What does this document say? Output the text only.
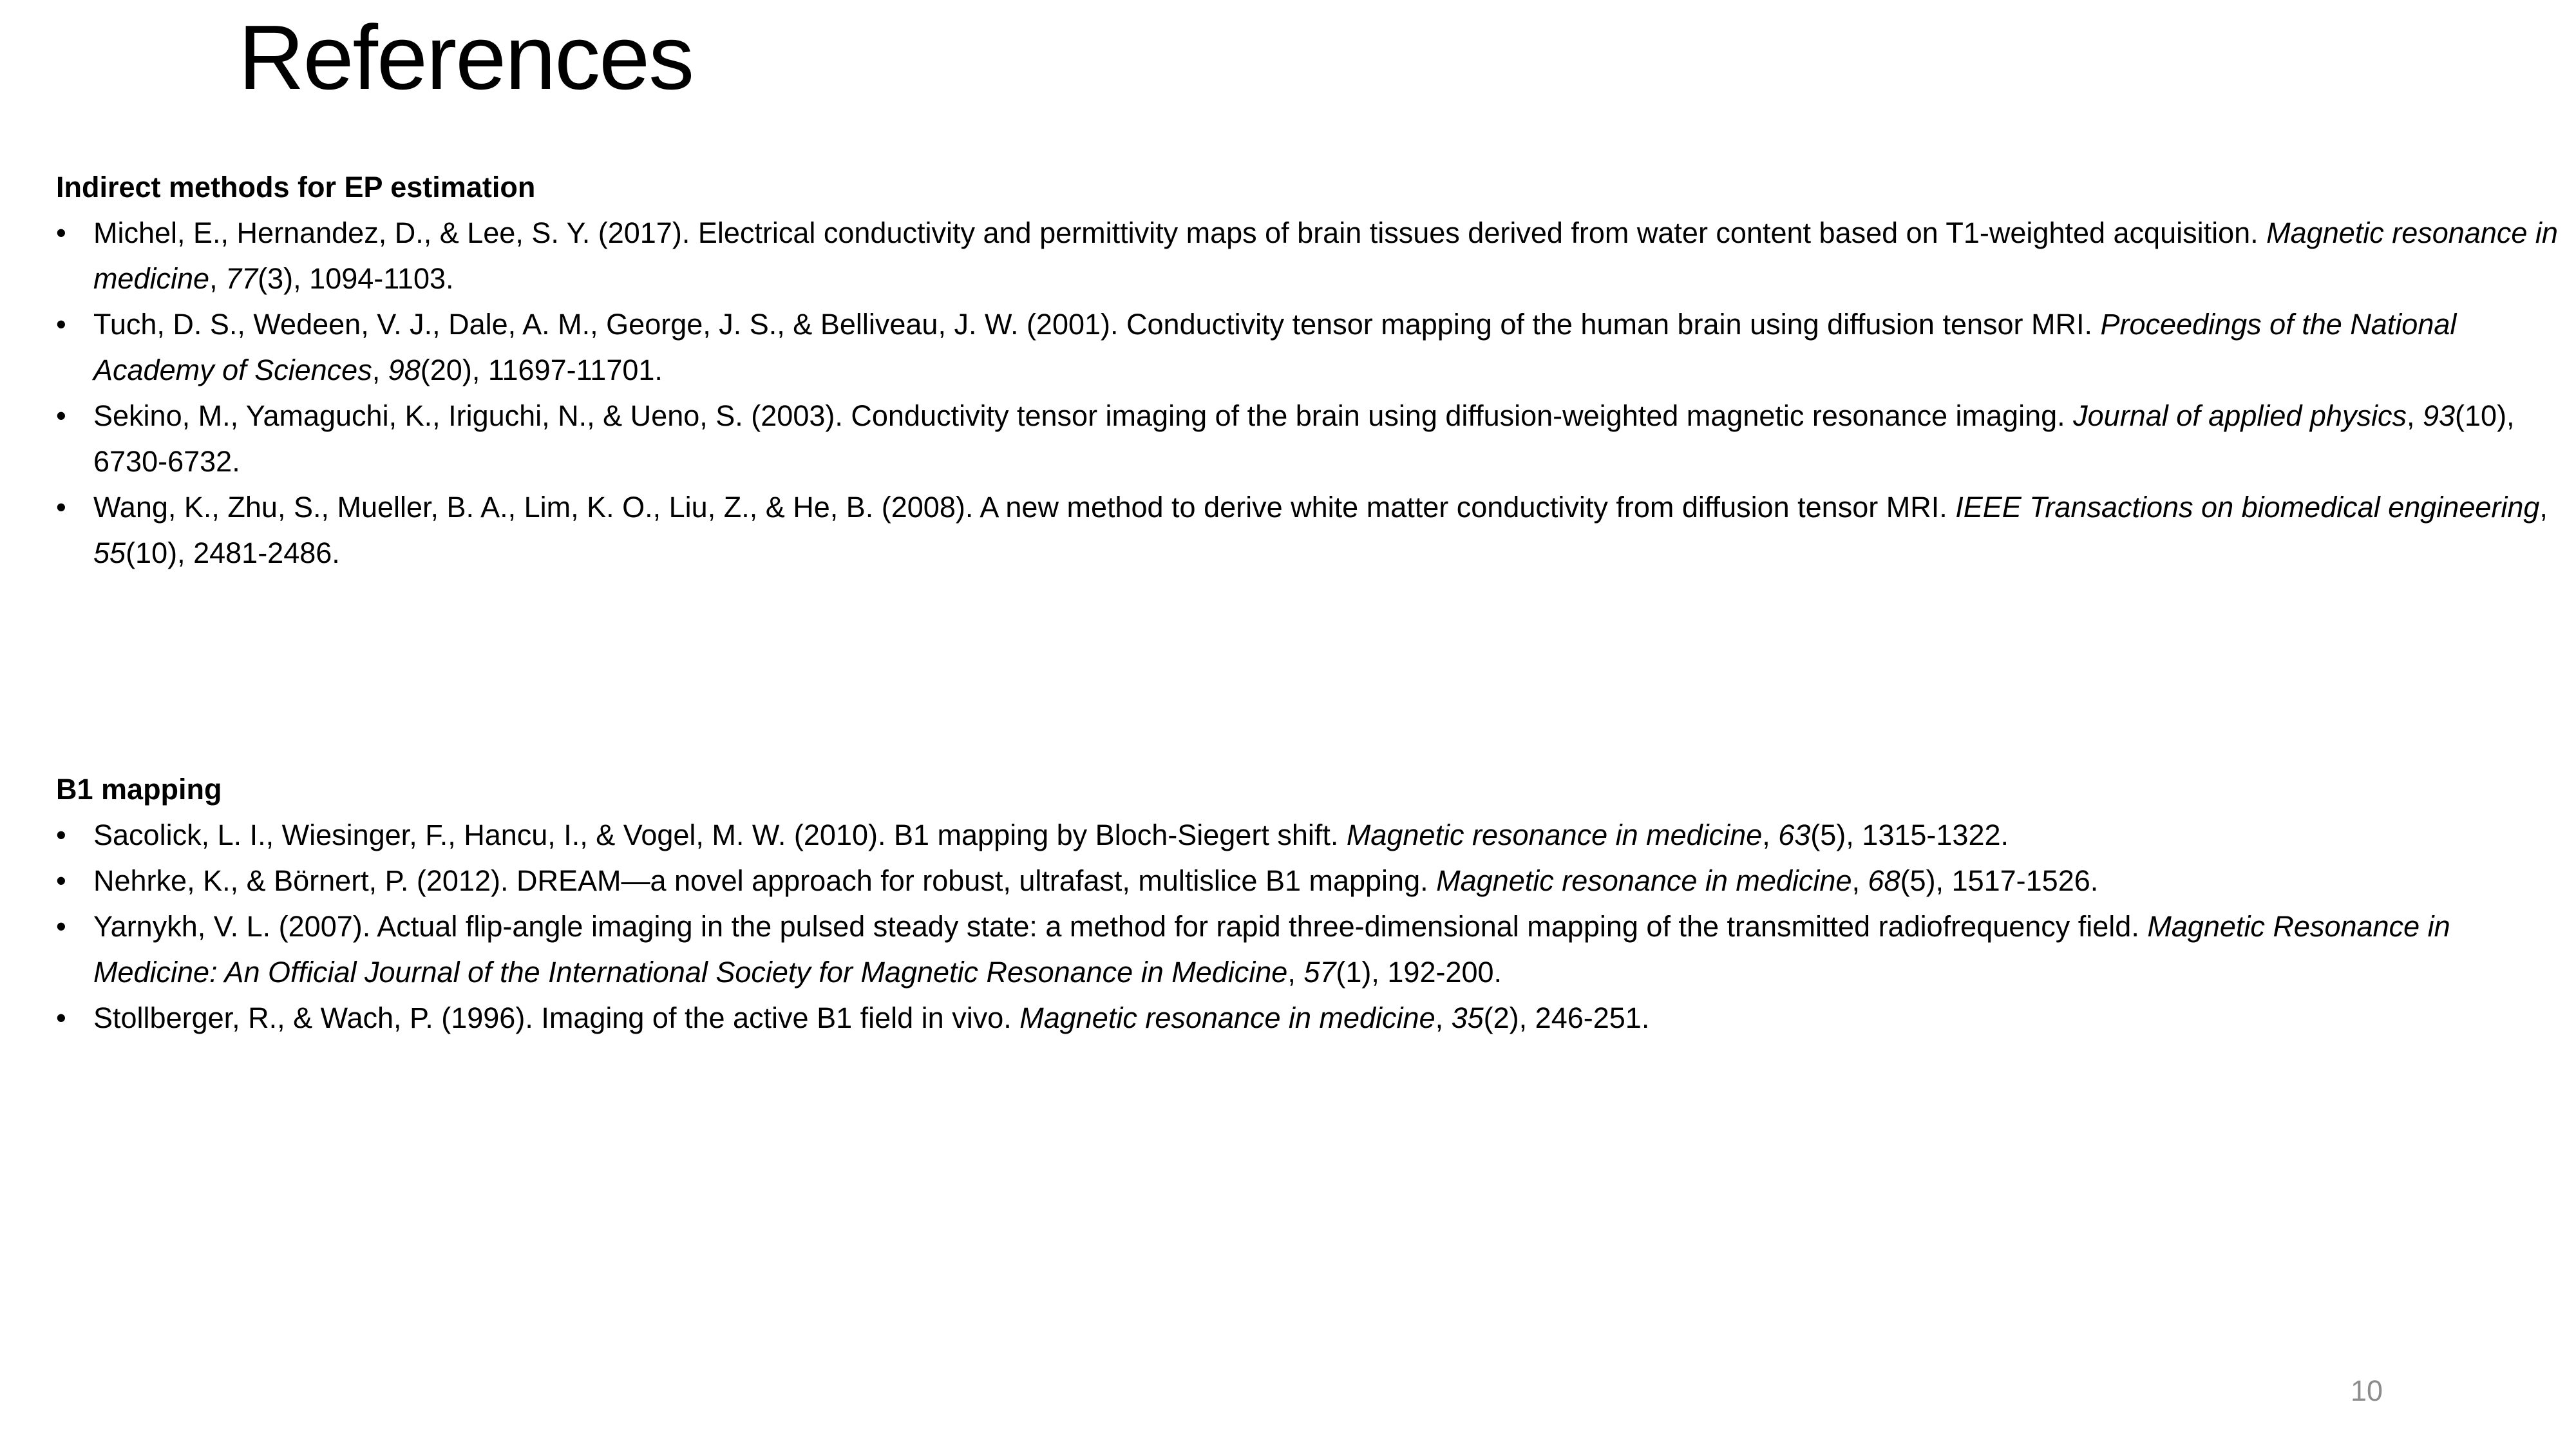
References
Indirect methods for EP estimation
• Michel, E., Hernandez, D., & Lee, S. Y. (2017). Electrical conductivity and permittivity maps of brain tissues derived from water content based on T1-weighted acquisition. Magnetic resonance in medicine, 77(3), 1094-1103.
• Tuch, D. S., Wedeen, V. J., Dale, A. M., George, J. S., & Belliveau, J. W. (2001). Conductivity tensor mapping of the human brain using diffusion tensor MRI. Proceedings of the National Academy of Sciences, 98(20), 11697-11701.
• Sekino, M., Yamaguchi, K., Iriguchi, N., & Ueno, S. (2003). Conductivity tensor imaging of the brain using diffusion-weighted magnetic resonance imaging. Journal of applied physics, 93(10), 6730-6732.
• Wang, K., Zhu, S., Mueller, B. A., Lim, K. O., Liu, Z., & He, B. (2008). A new method to derive white matter conductivity from diffusion tensor MRI. IEEE Transactions on biomedical engineering, 55(10), 2481-2486.
B1 mapping
• Sacolick, L. I., Wiesinger, F., Hancu, I., & Vogel, M. W. (2010). B1 mapping by Bloch-Siegert shift. Magnetic resonance in medicine, 63(5), 1315-1322.
• Nehrke, K., & Börnert, P. (2012). DREAM—a novel approach for robust, ultrafast, multislice B1 mapping. Magnetic resonance in medicine, 68(5), 1517-1526.
• Yarnykh, V. L. (2007). Actual flip-angle imaging in the pulsed steady state: a method for rapid three-dimensional mapping of the transmitted radiofrequency field. Magnetic Resonance in Medicine: An Official Journal of the International Society for Magnetic Resonance in Medicine, 57(1), 192-200.
• Stollberger, R., & Wach, P. (1996). Imaging of the active B1 field in vivo. Magnetic resonance in medicine, 35(2), 246-251.
10
